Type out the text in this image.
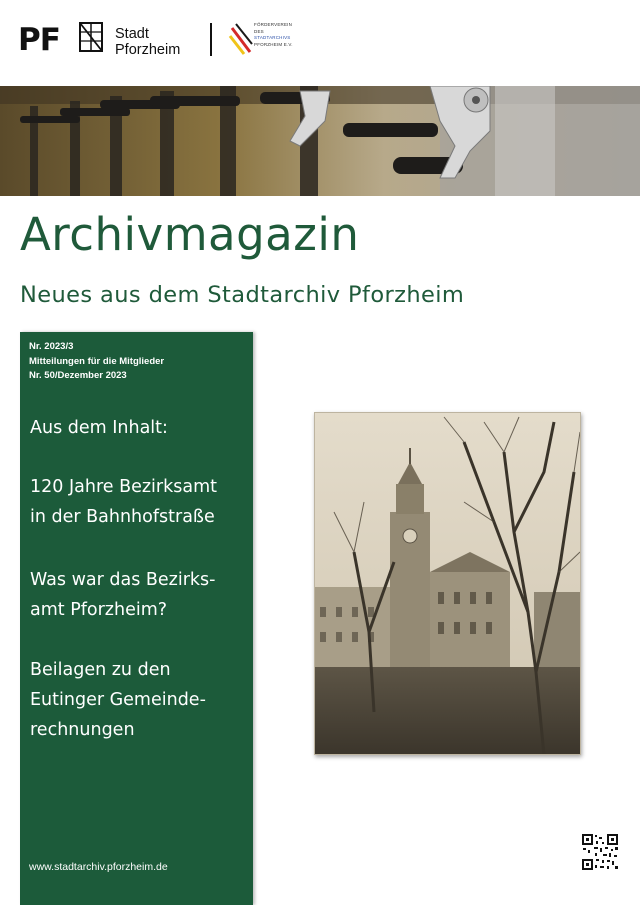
PF	Stadt
Pforzheim
FÖRDERVEREIN
DES
STADTARCHIVS
PFORZHEIM E.V.
Archivmagazin
Neues aus dem Stadtarchiv Pforzheim
Nr. 2023/3
Mitteilungen für die Mitglieder
Nr. 50/Dezember 2023
Aus dem Inhalt:
120 Jahre Bezirksamt
in der Bahnhofstraße
Was war das Bezirks-
amt Pforzheim?
Beilagen zu den
Eutinger Gemeinde-
rechnungen
www.stadtarchiv.pforzheim.de
